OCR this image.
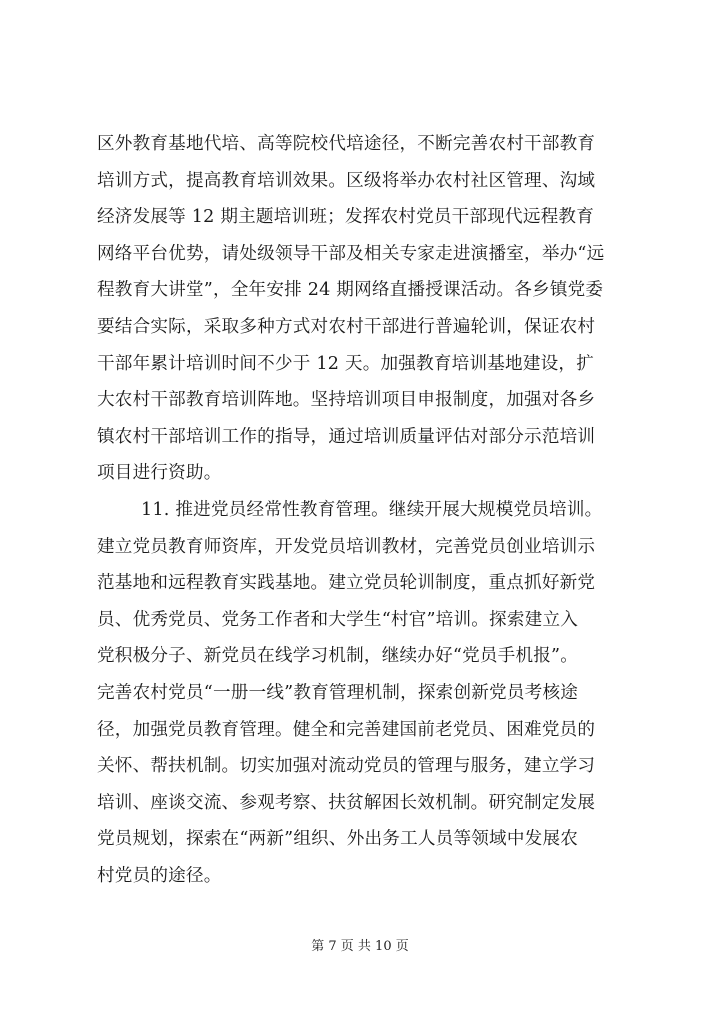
区外教育基地代培、高等院校代培途径，不断完善农村干部教育
培训方式，提高教育培训效果。区级将举办农村社区管理、沟域
经济发展等 12 期主题培训班；发挥农村党员干部现代远程教育
网络平台优势，请处级领导干部及相关专家走进演播室，举办“远
程教育大讲堂”，全年安排 24 期网络直播授课活动。各乡镇党委
要结合实际，采取多种方式对农村干部进行普遍轮训，保证农村
干部年累计培训时间不少于 12 天。加强教育培训基地建设，扩
大农村干部教育培训阵地。坚持培训项目申报制度，加强对各乡
镇农村干部培训工作的指导，通过培训质量评估对部分示范培训
项目进行资助。
11. 推进党员经常性教育管理。继续开展大规模党员培训。
建立党员教育师资库，开发党员培训教材，完善党员创业培训示
范基地和远程教育实践基地。建立党员轮训制度，重点抓好新党
员、优秀党员、党务工作者和大学生“村官”培训。探索建立入
党积极分子、新党员在线学习机制，继续办好“党员手机报”。
完善农村党员“一册一线”教育管理机制，探索创新党员考核途
径，加强党员教育管理。健全和完善建国前老党员、困难党员的
关怀、帮扶机制。切实加强对流动党员的管理与服务，建立学习
培训、座谈交流、参观考察、扶贫解困长效机制。研究制定发展
党员规划，探索在“两新”组织、外出务工人员等领域中发展农
村党员的途径。
第 7 页 共 10 页
